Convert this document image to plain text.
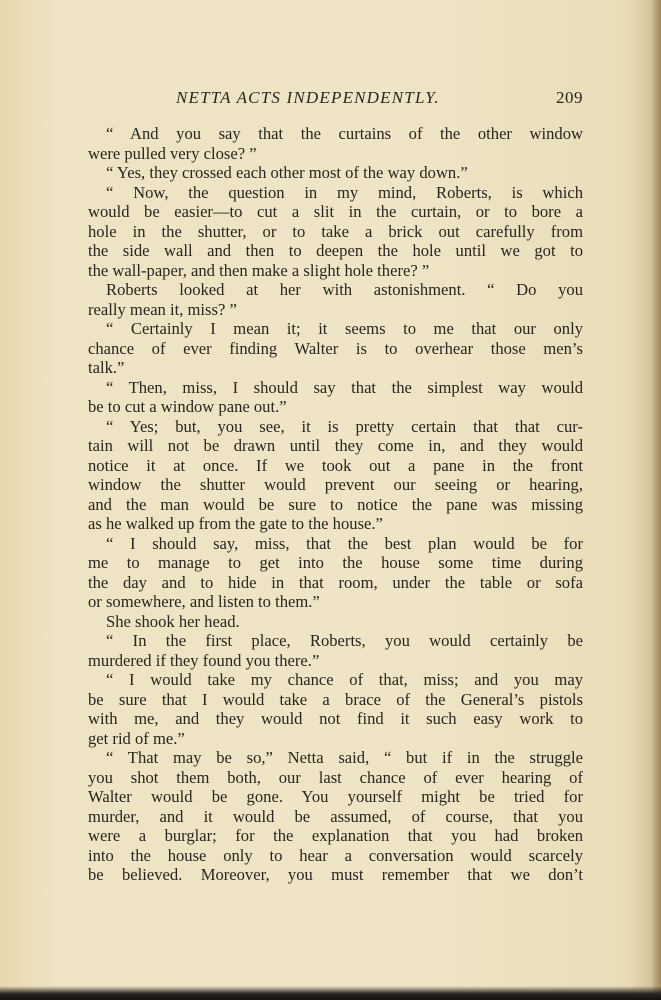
NETTA ACTS INDEPENDENTLY.	209
“ And you say that the curtains of the other window
were pulled very close? ”
“ Yes, they crossed each other most of the way down.”
“ Now, the question in my mind, Roberts, is which
would be easier—to cut a slit in the curtain, or to bore a
hole in the shutter, or to take a brick out carefully from
the side wall and then to deepen the hole until we got to
the wall-paper, and then make a slight hole there? ”
Roberts looked at her with astonishment. “ Do you
really mean it, miss? ”
“ Certainly I mean it; it seems to me that our only
chance of ever finding Walter is to overhear those men’s
talk.”
“ Then, miss, I should say that the simplest way would
be to cut a window pane out.”
“ Yes; but, you see, it is pretty certain that that cur-
tain will not be drawn until they come in, and they would
notice it at once. If we took out a pane in the front
window the shutter would prevent our seeing or hearing,
and the man would be sure to notice the pane was missing
as he walked up from the gate to the house.”
“ I should say, miss, that the best plan would be for
me to manage to get into the house some time during
the day and to hide in that room, under the table or sofa
or somewhere, and listen to them.”
She shook her head.
“ In the first place, Roberts, you would certainly be
murdered if they found you there.”
“ I would take my chance of that, miss; and you may
be sure that I would take a brace of the General’s pistols
with me, and they would not find it such easy work to
get rid of me.”
“ That may be so,” Netta said, “ but if in the struggle
you shot them both, our last chance of ever hearing of
Walter would be gone. You yourself might be tried for
murder, and it would be assumed, of course, that you
were a burglar; for the explanation that you had broken
into the house only to hear a conversation would scarcely
be believed. Moreover, you must remember that we don’t
